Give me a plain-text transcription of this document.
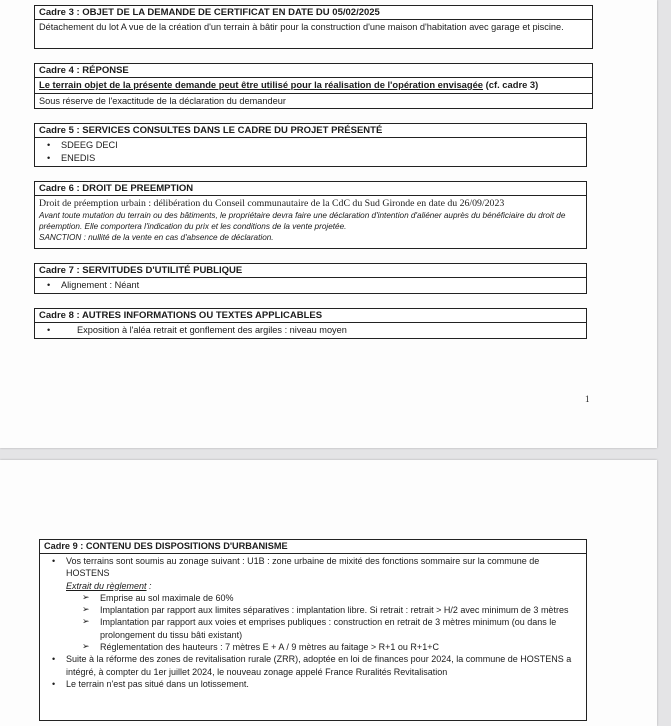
Cadre 3 : OBJET DE LA DEMANDE DE CERTIFICAT EN DATE DU 05/02/2025
Détachement du lot A vue de la création d'un terrain à bâtir pour la construction d'une maison d'habitation avec garage et piscine.
Cadre 4 : RÉPONSE
Le terrain objet de la présente demande peut être utilisé pour la réalisation de l'opération envisagée (cf. cadre 3)
Sous réserve de l'exactitude de la déclaration du demandeur
Cadre 5 : SERVICES CONSULTES DANS LE CADRE DU PROJET PRÉSENTÉ
• SDEEG DECI
• ENEDIS
Cadre 6 : DROIT DE PREEMPTION
Droit de préemption urbain : délibération du Conseil communautaire de la CdC du Sud Gironde en date du 26/09/2023
Avant toute mutation du terrain ou des bâtiments, le propriétaire devra faire une déclaration d'intention d'aliéner auprès du bénéficiaire du droit de préemption. Elle comportera l'indication du prix et les conditions de la vente projetée.
SANCTION : nullité de la vente en cas d'absence de déclaration.
Cadre 7 : SERVITUDES D'UTILITÉ PUBLIQUE
• Alignement : Néant
Cadre 8 : AUTRES INFORMATIONS OU TEXTES APPLICABLES
• Exposition à l'aléa retrait et gonflement des argiles : niveau moyen
1
Cadre 9 : CONTENU DES DISPOSITIONS D'URBANISME
• Vos terrains sont soumis au zonage suivant : U1B : zone urbaine de mixité des fonctions sommaire sur la commune de HOSTENS
Extrait du règlement :
➢ Emprise au sol maximale de 60%
➢ Implantation par rapport aux limites séparatives : implantation libre. Si retrait : retrait > H/2 avec minimum de 3 mètres
➢ Implantation par rapport aux voies et emprises publiques : construction en retrait de 3 mètres minimum (ou dans le prolongement du tissu bâti existant)
➢ Réglementation des hauteurs : 7 mètres E + A / 9 mètres au faitage > R+1 ou R+1+C
• Suite à la réforme des zones de revitalisation rurale (ZRR), adoptée en loi de finances pour 2024, la commune de HOSTENS a intégré, à compter du 1er juillet 2024, le nouveau zonage appelé France Ruralités Revitalisation
• Le terrain n'est pas situé dans un lotissement.
